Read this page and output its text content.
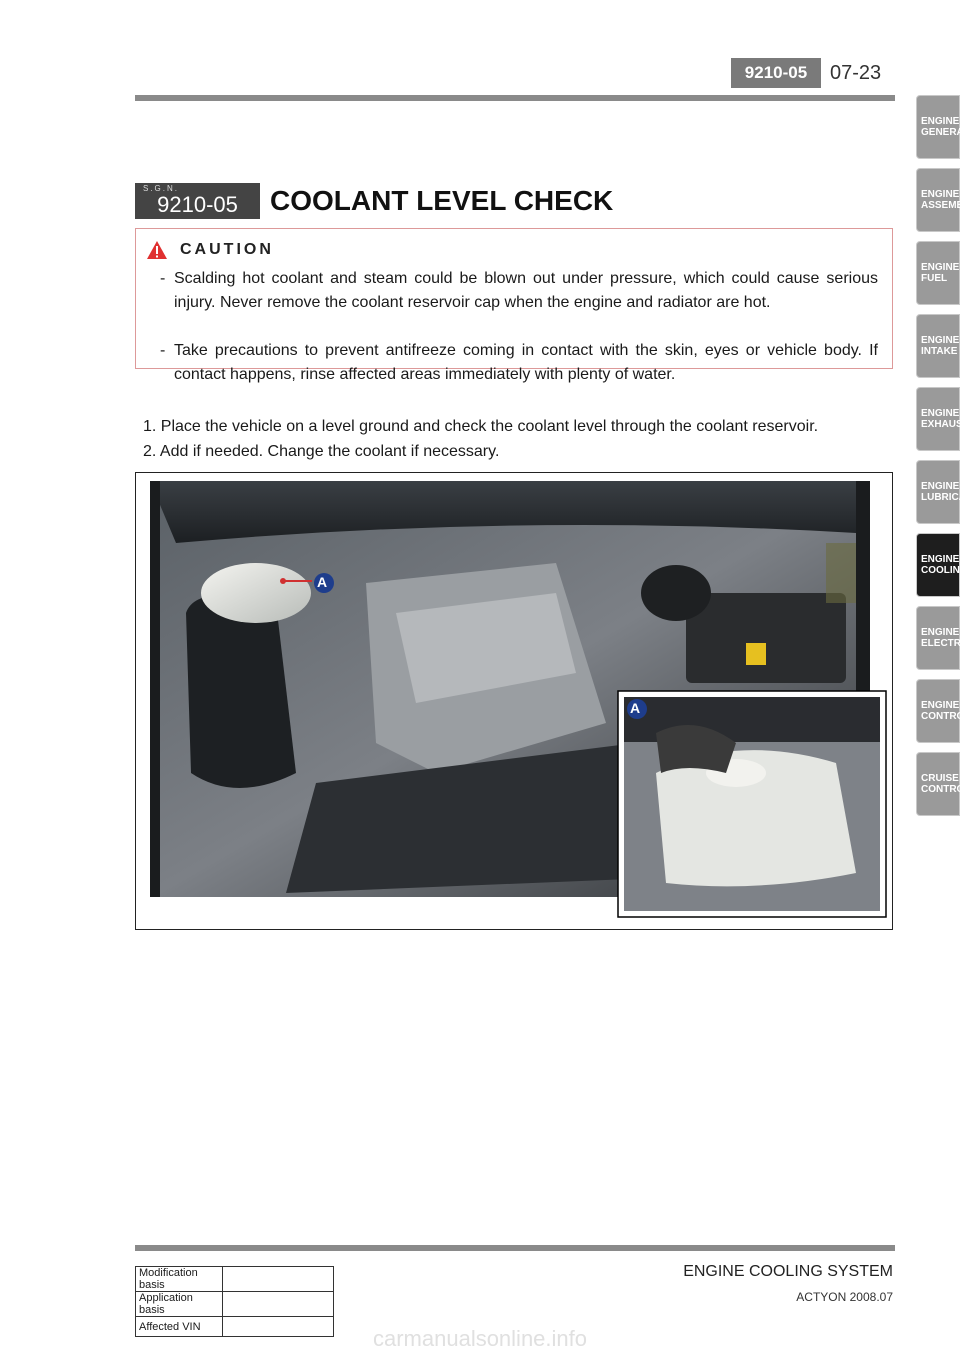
9210-05	07-23
ENGINE
GENERA
ENGINE
ASSEMBL
ENGINE
FUEL
ENGINE
INTAKE
ENGINE
EXHAUST
ENGINE
LUBRICA
ENGINE
COOLING
ENGINE
ELECTRI
ENGINE
CONTRO
CRUISE
CONTRO
S.G.N.
9210-05	COOLANT LEVEL CHECK
CAUTION
- Scalding hot coolant and steam could be blown out under pressure, which could cause serious injury. Never remove the coolant reservoir cap when the engine and radiator are hot.
- Take precautions to prevent antifreeze coming in contact with the skin, eyes or vehicle body. If contact happens, rinse affected areas immediately with plenty of water.
1. Place the vehicle on a level ground and check the coolant level through the coolant reservoir.
2. Add if needed. Change the coolant if necessary.
A
A
ENGINE COOLING SYSTEM
ACTYON 2008.07
Modification basis	
Application basis	
Affected VIN		carmanualsonline.info
